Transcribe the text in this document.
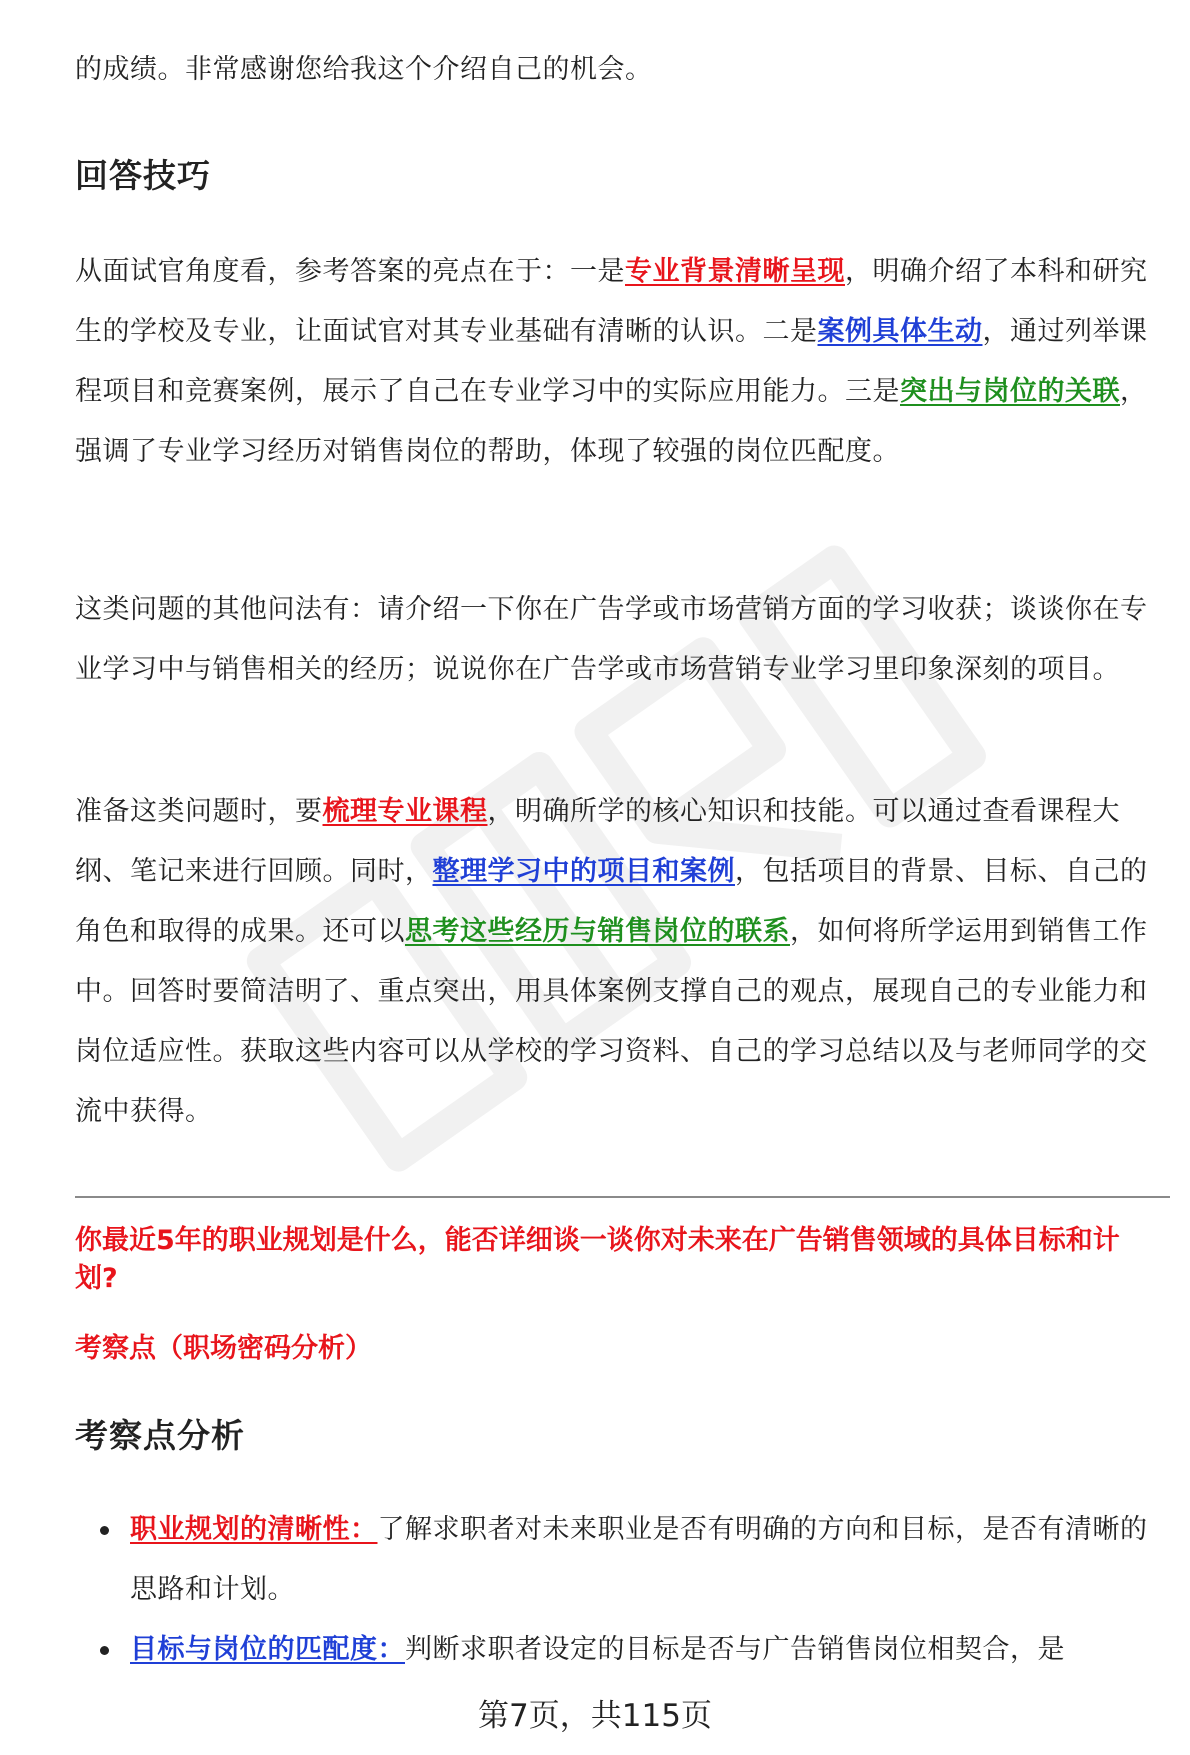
的成绩。非常感谢您给我这个介绍自己的机会。

回答技巧

从面试官角度看，参考答案的亮点在于：一是专业背景清晰呈现，明确介绍了本科和研究生的学校及专业，让面试官对其专业基础有清晰的认识。二是案例具体生动，通过列举课程项目和竞赛案例，展示了自己在专业学习中的实际应用能力。三是突出与岗位的关联，强调了专业学习经历对销售岗位的帮助，体现了较强的岗位匹配度。

这类问题的其他问法有：请介绍一下你在广告学或市场营销方面的学习收获；谈谈你在专业学习中与销售相关的经历；说说你在广告学或市场营销专业学习里印象深刻的项目。

准备这类问题时，要梳理专业课程，明确所学的核心知识和技能。可以通过查看课程大纲、笔记来进行回顾。同时，整理学习中的项目和案例，包括项目的背景、目标、自己的角色和取得的成果。还可以思考这些经历与销售岗位的联系，如何将所学运用到销售工作中。回答时要简洁明了、重点突出，用具体案例支撑自己的观点，展现自己的专业能力和岗位适应性。获取这些内容可以从学校的学习资料、自己的学习总结以及与老师同学的交流中获得。

你最近5年的职业规划是什么，能否详细谈一谈你对未来在广告销售领域的具体目标和计划?
考察点（职场密码分析）
考察点分析
职业规划的清晰性：了解求职者对未来职业是否有明确的方向和目标，是否有清晰的思路和计划。
目标与岗位的匹配度：判断求职者设定的目标是否与广告销售岗位相契合，是
第7页，共115页
